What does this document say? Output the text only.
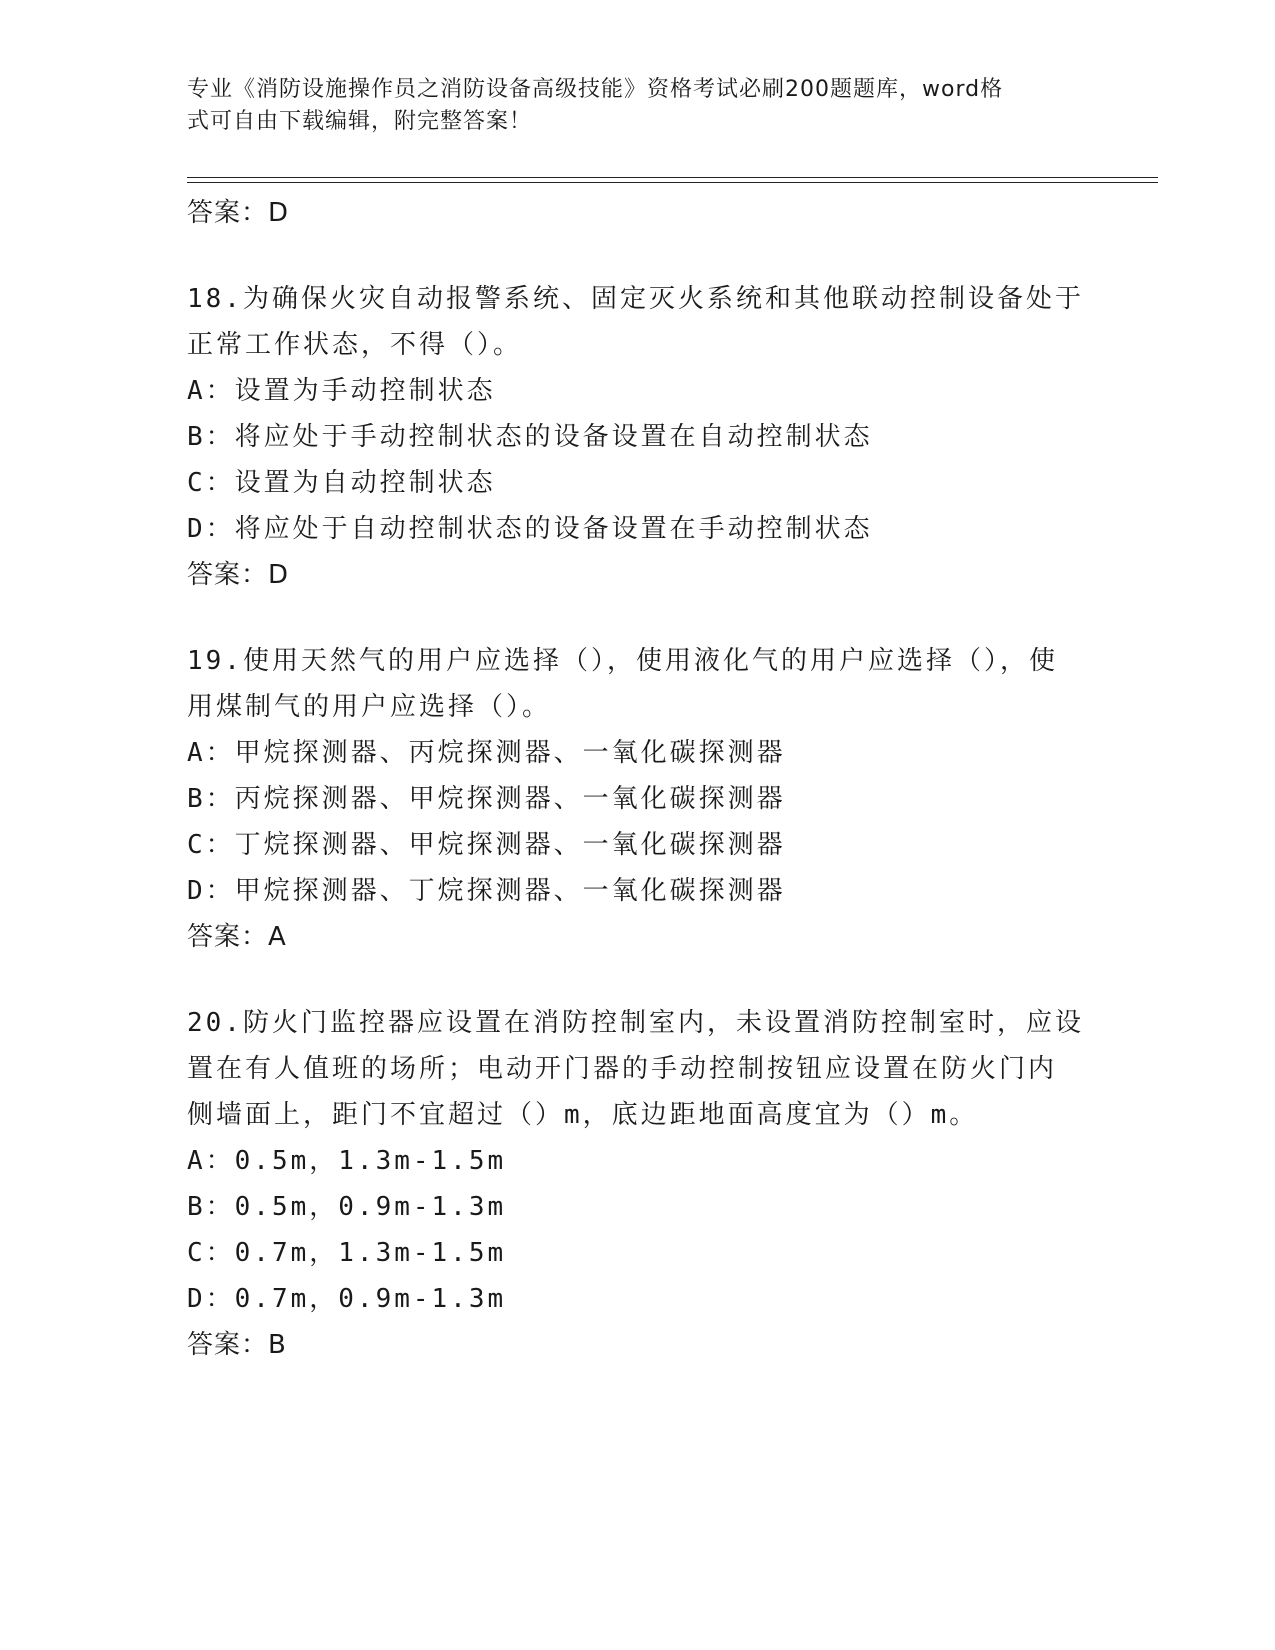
专业《消防设施操作员之消防设备高级技能》资格考试必刷200题题库，word格
式可自由下载编辑，附完整答案！
答案：D
18.为确保火灾自动报警系统、固定灭火系统和其他联动控制设备处于
正常工作状态，不得（）。
A：设置为手动控制状态
B：将应处于手动控制状态的设备设置在自动控制状态
C：设置为自动控制状态
D：将应处于自动控制状态的设备设置在手动控制状态
答案：D
19.使用天然气的用户应选择（），使用液化气的用户应选择（），使
用煤制气的用户应选择（）。
A：甲烷探测器、丙烷探测器、一氧化碳探测器
B：丙烷探测器、甲烷探测器、一氧化碳探测器
C：丁烷探测器、甲烷探测器、一氧化碳探测器
D：甲烷探测器、丁烷探测器、一氧化碳探测器
答案：A
20.防火门监控器应设置在消防控制室内，未设置消防控制室时，应设
置在有人值班的场所；电动开门器的手动控制按钮应设置在防火门内
侧墙面上，距门不宜超过（）m，底边距地面高度宜为（）m。
A：0.5m，1.3m-1.5m
B：0.5m，0.9m-1.3m
C：0.7m，1.3m-1.5m
D：0.7m，0.9m-1.3m
答案：B
